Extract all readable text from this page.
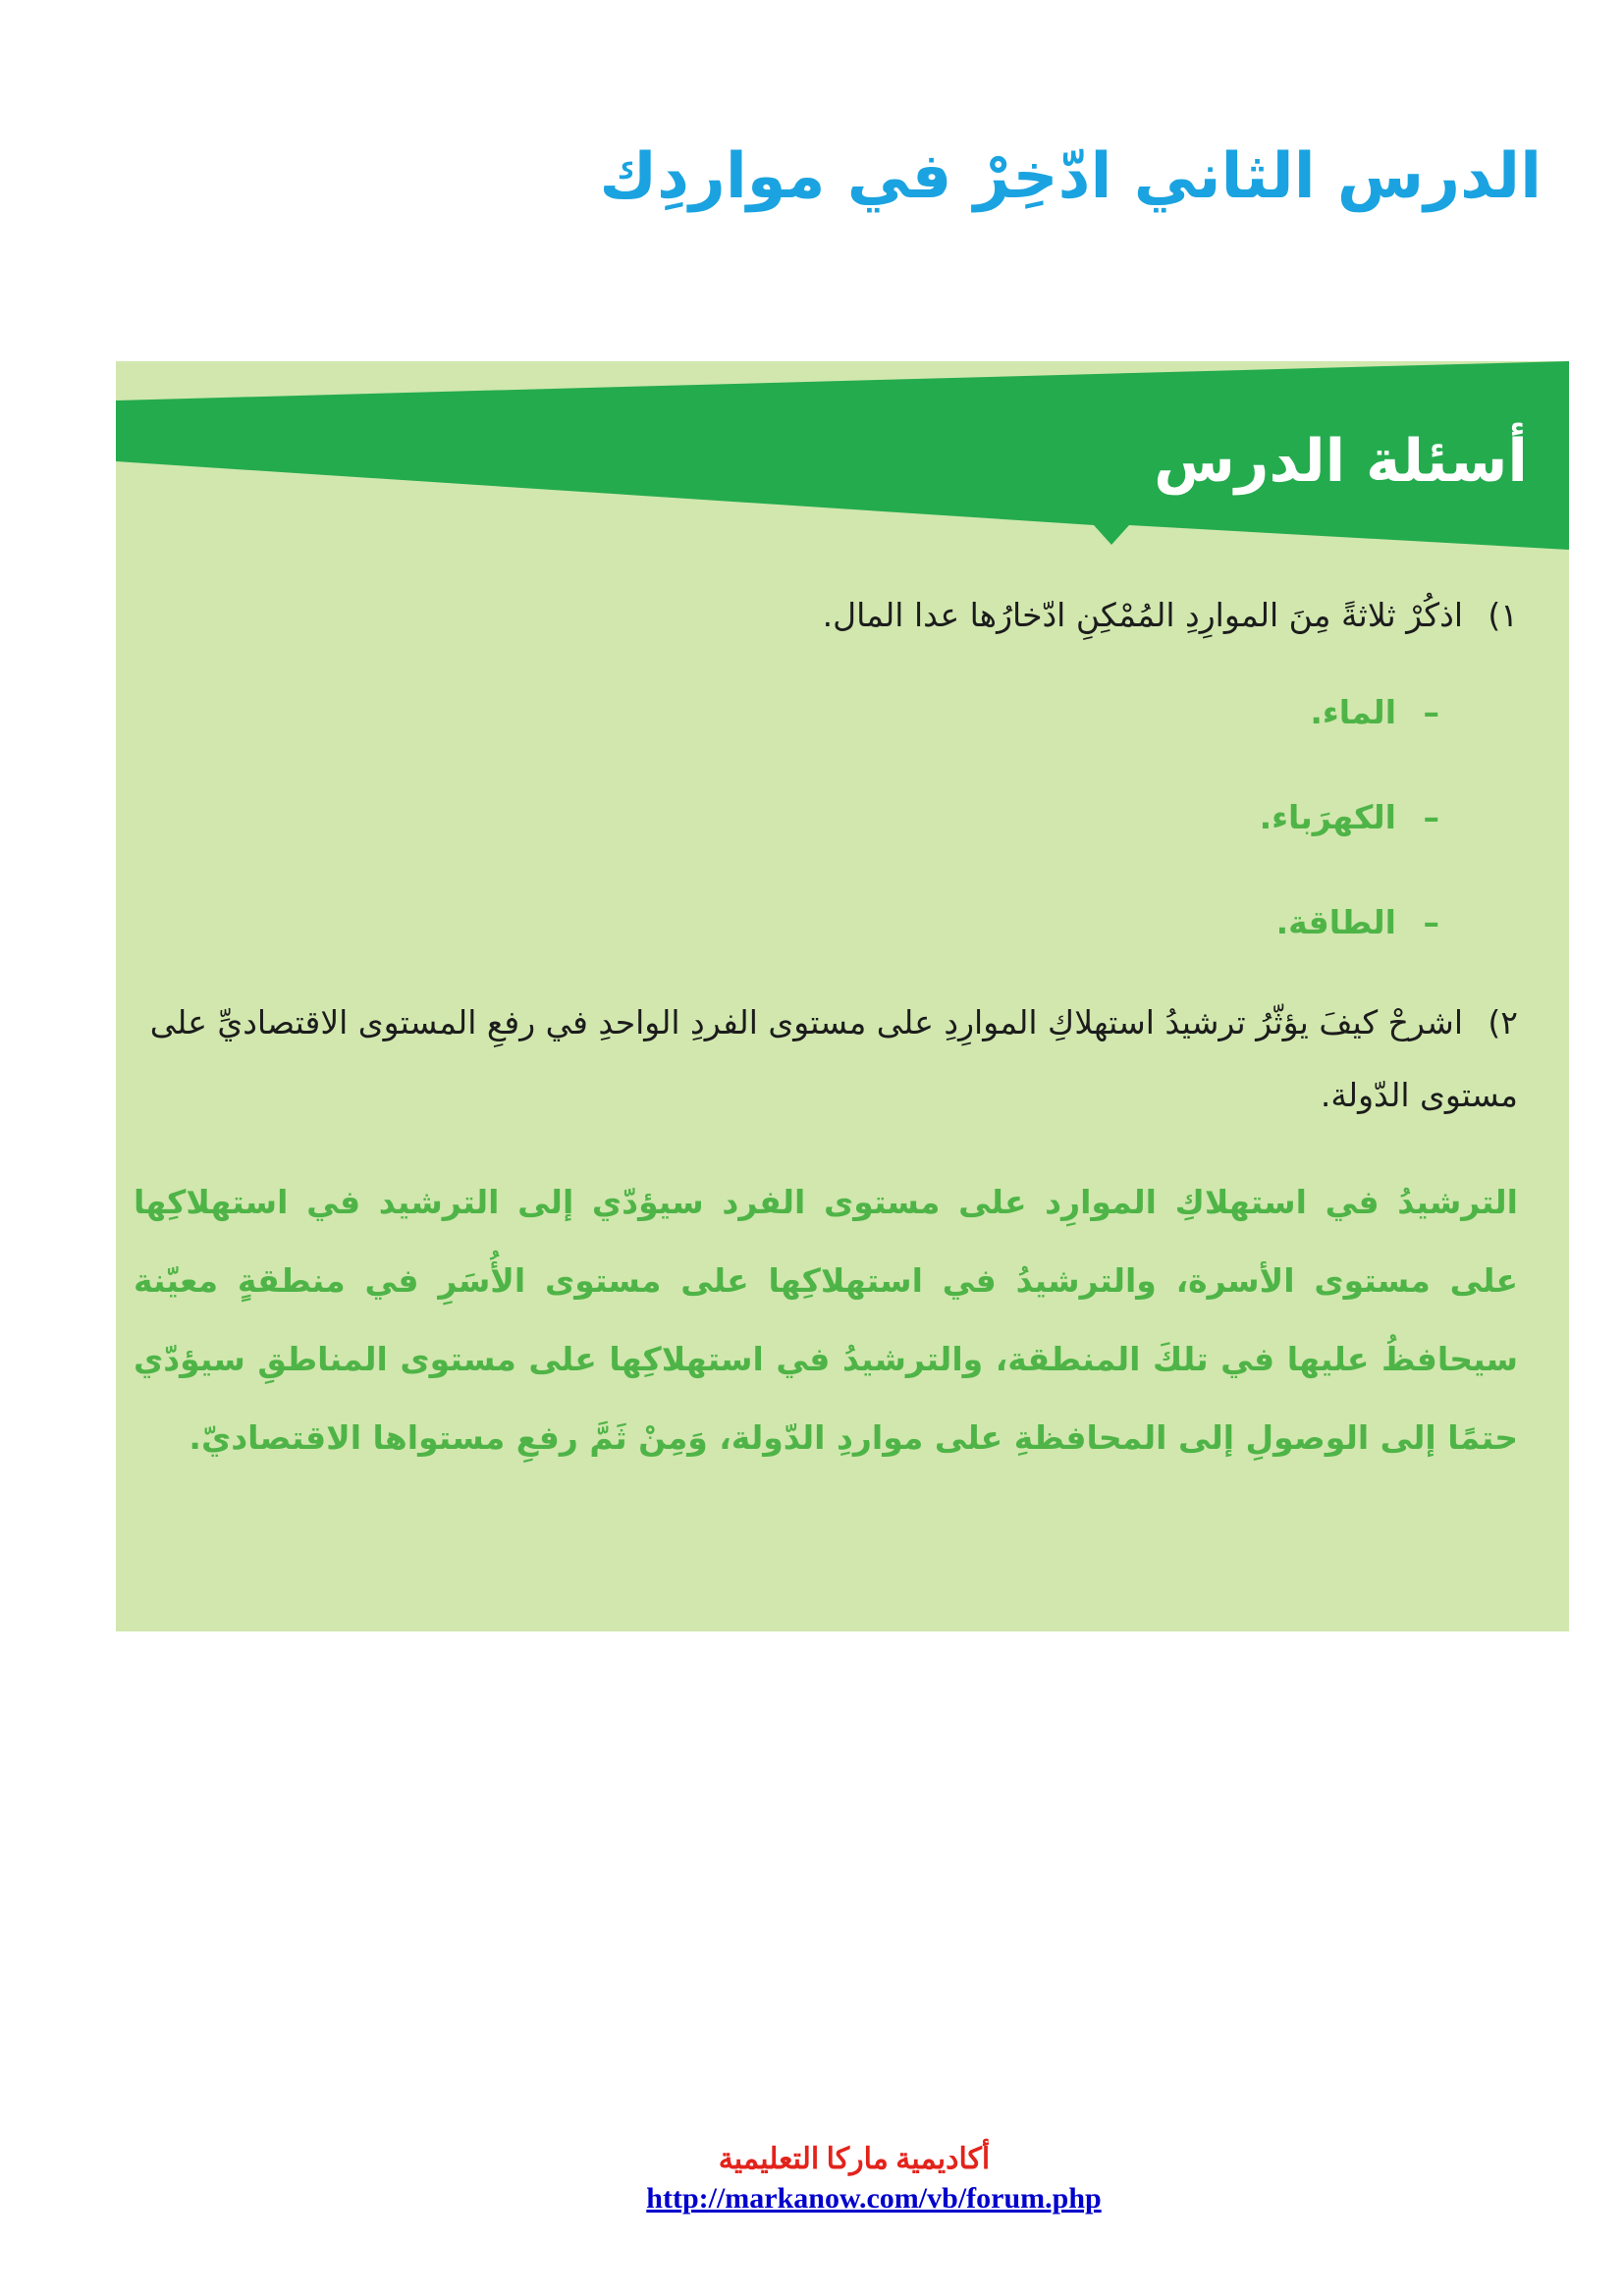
الدرس الثاني ادّخِرْ في مواردِك
أسئلة الدرس

١)اذكُرْ ثلاثةً مِنَ الموارِدِ المُمْكِنِ ادّخارُها عدا المال.

–الماء.
–الكهرَباء.
–الطاقة.

٢)اشرحْ كيفَ يؤثّرُ ترشيدُ استهلاكِ الموارِدِ على مستوى الفردِ الواحدِ في رفعِ المستوى الاقتصاديِّ على مستوى الدّولة.

الترشيدُ في استهلاكِ الموارِد على مستوى الفرد سيؤدّي إلى الترشيد في استهلاكِها على مستوى الأسرة، والترشيدُ في استهلاكِها على مستوى الأُسَرِ في منطقةٍ معيّنة سيحافظُ عليها في تلكَ المنطقة، والترشيدُ في استهلاكِها على مستوى المناطقِ سيؤدّي حتمًا إلى الوصولِ إلى المحافظةِ على مواردِ الدّولة، وَمِنْ ثَمَّ رفعِ مستواها الاقتصاديّ.

أكاديمية ماركا التعليمية

http://markanow.com/vb/forum.php
